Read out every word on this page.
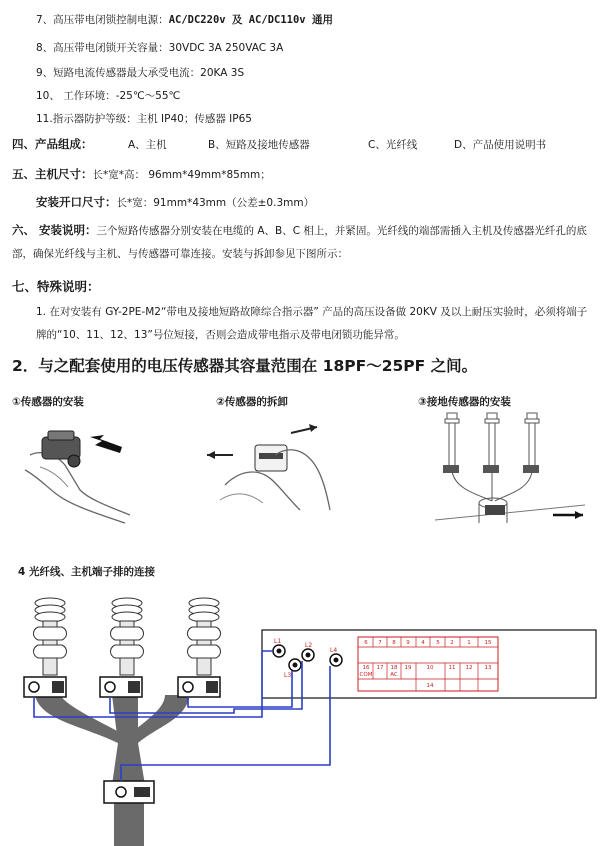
7、高压带电闭锁控制电源：AC/DC220v 及 AC/DC110v 通用
8、高压带电闭锁开关容量：30VDC 3A 250VAC 3A
9、短路电流传感器最大承受电流：20KA 3S
10、 工作环境：-25℃～55℃
11.指示器防护等级：主机 IP40；传感器 IP65
四、产品组成：	A、主机	B、短路及接地传感器	C、光纤线	D、产品使用说明书
五、主机尺寸：长*宽*高： 96mm*49mm*85mm；
安装开口尺寸：长*宽：91mm*43mm（公差±0.3mm）
六、 安装说明：三个短路传感器分别安装在电缆的 A、B、C 相上，并紧固。光纤线的端部需插入主机及传感器光纤孔的底部，确保光纤线与主机、与传感器可靠连接。安装与拆卸参见下图所示：
七、特殊说明：
1. 在对安装有 GY-2PE-M2“带电及接地短路故障综合指示器” 产品的高压设备做 20KV 及以上耐压实验时，必须将端子牌的“10、11、12、13”号位短接，否则会造成带电指示及带电闭锁功能异常。
2．与之配套使用的电压传感器其容量范围在 18PF～25PF 之间。
①传感器的安装	②传感器的拆卸	③接地传感器的安装
4 光纤线、主机端子排的连接
6 7 8 9 4 5 2 1
16 17 18 19	10	11 12 13
14
15
COM	AC
L1
L2
L3
L4
